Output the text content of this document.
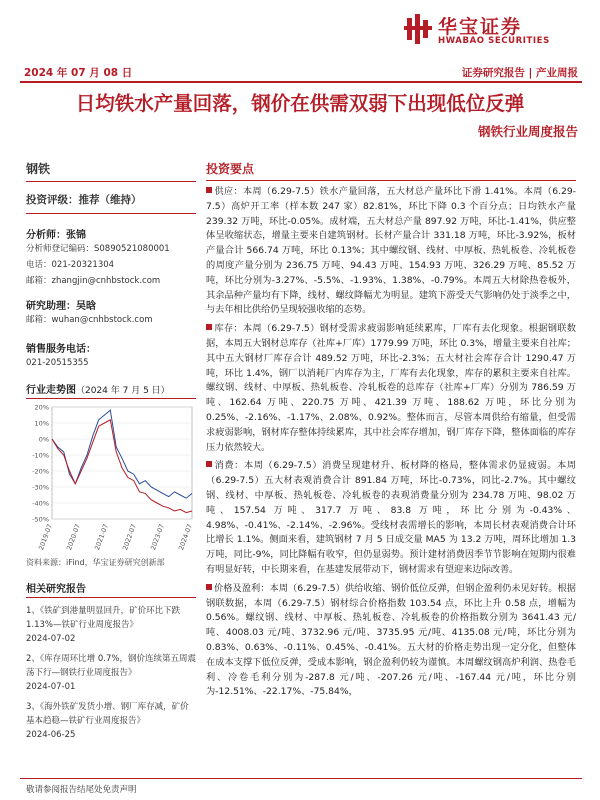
华宝证券
HWABAO SECURITIES
2024 年 07 月 08 日	证券研究报告 | 产业周报
日均铁水产量回落，钢价在供需双弱下出现低位反弹
钢铁行业周度报告
钢铁
投资评级：推荐（维持）
分析师：张锦
分析师登记编码：S0890521080001
电话：021-20321304
邮箱：zhangjin@cnhbstock.com
研究助理：吴晗
邮箱：wuhan@cnhbstock.com
销售服务电话：
021-20515355
行业走势图（2024 年 7 月 5 日）
20%
10%
0%
-10%
-20%
-30%
-40%
-50%
2019-07 2020-07 2021-07 2022-07 2023-07 2024-07
资料来源：iFind，华宝证券研究创新部
相关研究报告
1、《铁矿到港量明显回升，矿价环比下跌 1.13%—铁矿行业周度报告》
2024-07-02
2、《库存周环比增 0.7%，钢价连续第五周震荡下行—钢铁行业周度报告》
2024-07-01
3、《海外铁矿发货小增、钢厂库存减，矿价基本趋稳—铁矿行业周度报告》
2024-06-25
投资要点
供应：本周（6.29-7.5）铁水产量回落，五大材总产量环比下滑 1.41%。本周（6.29-7.5）高炉开工率（样本数 247 家）82.81%，环比下降 0.3 个百分点；日均铁水产量 239.32 万吨，环比-0.05%。成材端，五大材总产量 897.92 万吨，环比-1.41%，供应整体呈收缩状态，增量主要来自建筑钢材。长材产量合计 331.18 万吨，环比-3.92%，板材产量合计 566.74 万吨，环比 0.13%；其中螺纹钢、线材、中厚板、热轧板卷、冷轧板卷的周度产量分别为 236.75 万吨、94.43 万吨、154.93 万吨、326.29 万吨、85.52 万吨，环比分别为-3.27%、-5.5%、-1.93%、1.38%、-0.79%。本周五大材除热卷板外，其余品种产量均有下降，线材、螺纹降幅尤为明显。建筑下游受天气影响仍处于淡季之中，与去年相比供给仍呈现较强收缩的态势。
库存：本周（6.29-7.5）钢材受需求疲弱影响延续累库，厂库有去化现象。根据钢联数据，本周五大钢材总库存（社库+厂库）1779.99 万吨，环比 0.3%，增量主要来自社库；其中五大钢材厂库存合计 489.52 万吨，环比-2.3%；五大材社会库存合计 1290.47 万吨，环比 1.4%，钢厂以消耗厂内库存为主，厂库有去化现象，库存的累积主要来自社库。螺纹钢、线材、中厚板、热轧板卷、冷轧板卷的总库存（社库+厂库）分别为 786.59 万吨、162.64 万吨、220.75 万吨、421.39 万吨、188.62 万吨，环比分别为 0.25%、-2.16%、-1.17%、2.08%、0.92%。整体而言，尽管本周供给有缩量，但受需求疲弱影响，钢材库存整体持续累库，其中社会库存增加，钢厂库存下降，整体面临的库存压力依然较大。
消费：本周（6.29-7.5）消费呈现建材升、板材降的格局，整体需求仍显疲弱。本周（6.29-7.5）五大材表观消费合计 891.84 万吨，环比-0.73%，同比-2.7%。其中螺纹钢、线材、中厚板、热轧板卷、冷轧板卷的表观消费量分别为 234.78 万吨、98.02 万吨、157.54 万吨、317.7 万吨、83.8 万吨，环比分别为-0.43%、4.98%、-0.41%、-2.14%、-2.96%。受线材表需增长的影响，本周长材表观消费合计环比增长 1.1%。侧面来看，建筑钢材 7 月 5 日成交量 MA5 为 13.2 万吨，周环比增加 1.3 万吨，同比-9%，同比降幅有收窄，但仍显弱势。预计建材消费因季节节影响在短期内很难有明显好转，中长期来看，在基建发展带动下，钢材需求有望迎来边际改善。
价格及盈利：本周（6.29-7.5）供给收缩、钢价低位反弹，但钢企盈利仍未见好转。根据钢联数据，本周（6.29-7.5）钢材综合价格指数 103.54 点，环比上升 0.58 点，增幅为 0.56%。螺纹钢、线材、中厚板、热轧板卷、冷轧板卷的价格指数分别为 3641.43 元/吨、4008.03 元/吨、3732.96 元/吨、3735.95 元/吨、4135.08 元/吨，环比分别为 0.83%、0.63%、-0.11%、0.45%、-0.41%。五大材的价格走势出现一定分化，但整体在成本支撑下低位反弹，受成本影响，钢企盈利仍较为谨慎。本周螺纹钢高炉利润、热卷毛利、冷卷毛利分别为-287.8 元/吨、-207.26 元/吨、-167.44 元/吨，环比分别为-12.51%、-22.17%、-75.84%，
敬请参阅报告结尾处免责声明
